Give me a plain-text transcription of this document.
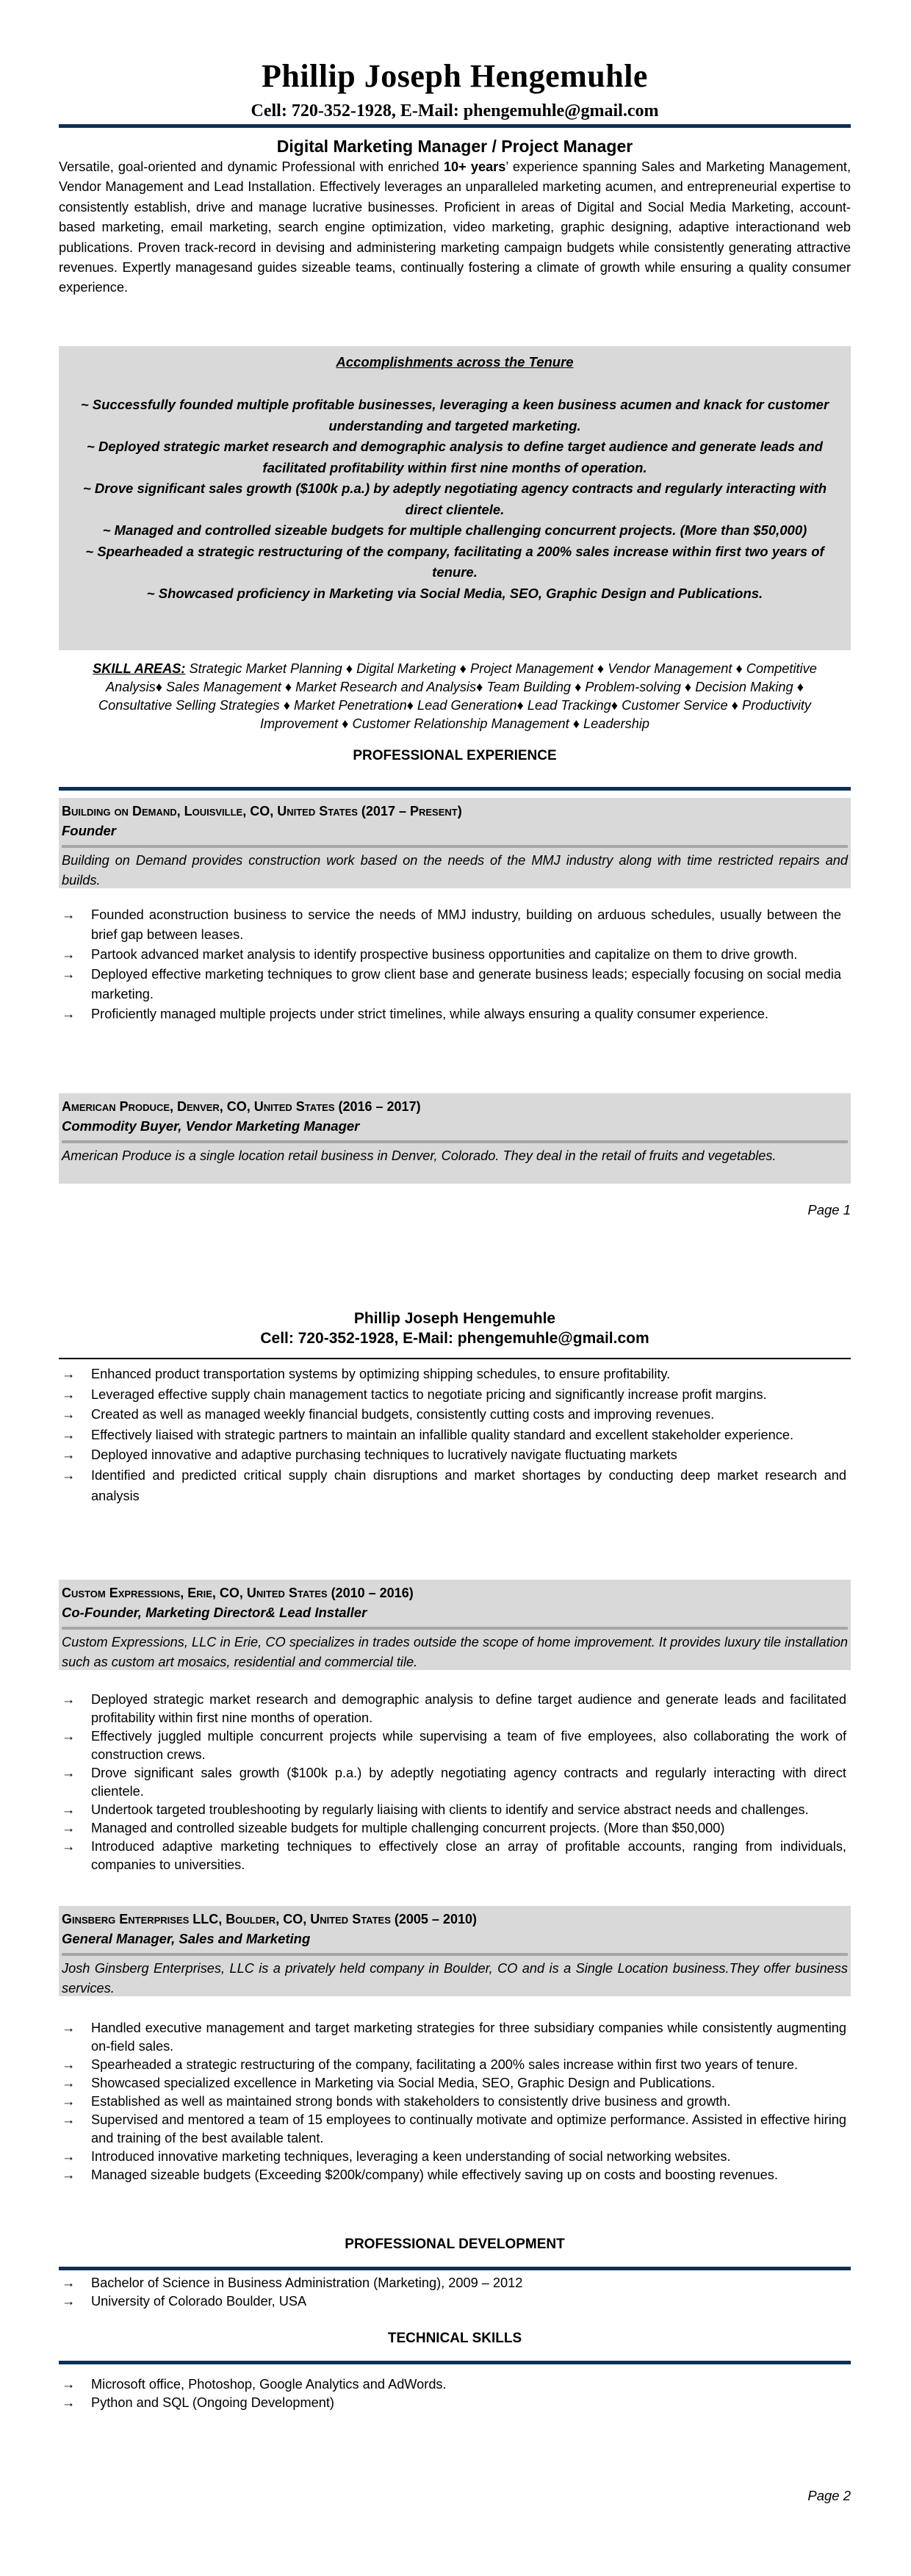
Phillip Joseph Hengemuhle
Cell: 720-352-1928, E-Mail: phengemuhle@gmail.com
Digital Marketing Manager / Project Manager
Versatile, goal-oriented and dynamic Professional with enriched 10+ years’ experience spanning Sales and Marketing Management, Vendor Management and Lead Installation. Effectively leverages an unparalleled marketing acumen, and entrepreneurial expertise to consistently establish, drive and manage lucrative businesses. Proficient in areas of Digital and Social Media Marketing, account-based marketing, email marketing, search engine optimization, video marketing, graphic designing, adaptive interactionand web publications. Proven track-record in devising and administering marketing campaign budgets while consistently generating attractive revenues. Expertly managesand guides sizeable teams, continually fostering a climate of growth while ensuring a quality consumer experience.
Accomplishments across the Tenure
~ Successfully founded multiple profitable businesses, leveraging a keen business acumen and knack for customer understanding and targeted marketing.
~ Deployed strategic market research and demographic analysis to define target audience and generate leads and facilitated profitability within first nine months of operation.
~ Drove significant sales growth ($100k p.a.) by adeptly negotiating agency contracts and regularly interacting with direct clientele.
~ Managed and controlled sizeable budgets for multiple challenging concurrent projects. (More than $50,000)
~ Spearheaded a strategic restructuring of the company, facilitating a 200% sales increase within first two years of tenure.
~ Showcased proficiency in Marketing via Social Media, SEO, Graphic Design and Publications.
SKILL AREAS: Strategic Market Planning ♦ Digital Marketing ♦ Project Management ♦ Vendor Management ♦ Competitive Analysis♦ Sales Management ♦ Market Research and Analysis♦ Team Building ♦ Problem-solving ♦ Decision Making ♦ Consultative Selling Strategies ♦ Market Penetration♦ Lead Generation♦ Lead Tracking♦ Customer Service ♦ Productivity Improvement ♦ Customer Relationship Management ♦ Leadership
PROFESSIONAL EXPERIENCE
Building on Demand, Louisville, CO, United States (2017 – Present)
Founder
Building on Demand provides construction work based on the needs of the MMJ industry along with time restricted repairs and builds.
→ Founded aconstruction business to service the needs of MMJ industry, building on arduous schedules, usually between the brief gap between leases.
→ Partook advanced market analysis to identify prospective business opportunities and capitalize on them to drive growth.
→ Deployed effective marketing techniques to grow client base and generate business leads; especially focusing on social media marketing.
→ Proficiently managed multiple projects under strict timelines, while always ensuring a quality consumer experience.
American Produce, Denver, CO, United States (2016 – 2017)
Commodity Buyer, Vendor Marketing Manager
American Produce is a single location retail business in Denver, Colorado. They deal in the retail of fruits and vegetables.
Page 1
Phillip Joseph Hengemuhle
Cell: 720-352-1928, E-Mail: phengemuhle@gmail.com
→ Enhanced product transportation systems by optimizing shipping schedules, to ensure profitability.
→ Leveraged effective supply chain management tactics to negotiate pricing and significantly increase profit margins.
→ Created as well as managed weekly financial budgets, consistently cutting costs and improving revenues.
→ Effectively liaised with strategic partners to maintain an infallible quality standard and excellent stakeholder experience.
→ Deployed innovative and adaptive purchasing techniques to lucratively navigate fluctuating markets
→ Identified and predicted critical supply chain disruptions and market shortages by conducting deep market research and analysis
Custom Expressions, Erie, CO, United States (2010 – 2016)
Co-Founder, Marketing Director& Lead Installer
Custom Expressions, LLC in Erie, CO specializes in trades outside the scope of home improvement. It provides luxury tile installation such as custom art mosaics, residential and commercial tile.
→ Deployed strategic market research and demographic analysis to define target audience and generate leads and facilitated profitability within first nine months of operation.
→ Effectively juggled multiple concurrent projects while supervising a team of five employees, also collaborating the work of construction crews.
→ Drove significant sales growth ($100k p.a.) by adeptly negotiating agency contracts and regularly interacting with direct clientele.
→ Undertook targeted troubleshooting by regularly liaising with clients to identify and service abstract needs and challenges.
→ Managed and controlled sizeable budgets for multiple challenging concurrent projects. (More than $50,000)
→ Introduced adaptive marketing techniques to effectively close an array of profitable accounts, ranging from individuals, companies to universities.
Ginsberg Enterprises LLC, Boulder, CO, United States (2005 – 2010)
General Manager, Sales and Marketing
Josh Ginsberg Enterprises, LLC is a privately held company in Boulder, CO and is a Single Location business.They offer business services.
→ Handled executive management and target marketing strategies for three subsidiary companies while consistently augmenting on-field sales.
→ Spearheaded a strategic restructuring of the company, facilitating a 200% sales increase within first two years of tenure.
→ Showcased specialized excellence in Marketing via Social Media, SEO, Graphic Design and Publications.
→ Established as well as maintained strong bonds with stakeholders to consistently drive business and growth.
→ Supervised and mentored a team of 15 employees to continually motivate and optimize performance. Assisted in effective hiring and training of the best available talent.
→ Introduced innovative marketing techniques, leveraging a keen understanding of social networking websites.
→ Managed sizeable budgets (Exceeding $200k/company) while effectively saving up on costs and boosting revenues.
PROFESSIONAL DEVELOPMENT
→ Bachelor of Science in Business Administration (Marketing), 2009 – 2012
→ University of Colorado Boulder, USA
TECHNICAL SKILLS
→ Microsoft office, Photoshop, Google Analytics and AdWords.
→ Python and SQL (Ongoing Development)
Page 2
